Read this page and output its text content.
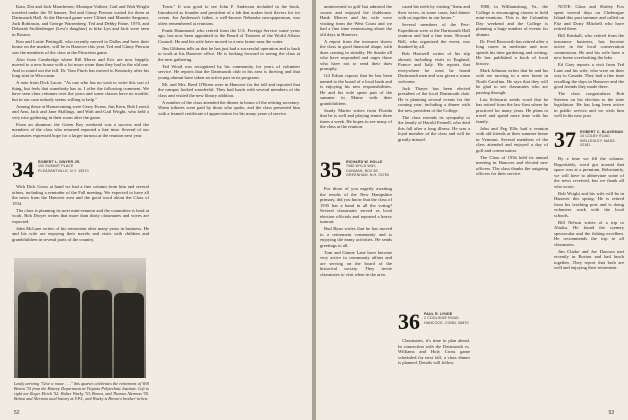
Kato, Dot and Jack Manchester, Monique Valtieri, Gail and Walt Wright traveled under the 55 banner. Ted and Ginny Pierson waited for them at Dartmouth Hall. At the Harvard game were Clifnet and Manette Sargeant, Jack Robinson, and George Warrenberg. Ted and Debby Paine, 1970, and Deborah Stollenberger (Lew's daughter) to hike Lyn and Jack were seen in Boston.

Ken and Lottie Pettingill, who recently moved to Dallas and have their house on the market, will be in Hanover this year. Ted and Ginny Pierson saw the members of the class at the Princeton game.

Also from Cambridge where Bill Morse and Eric are now happily moved to a new house with a lot more room than they had in the old one. And to round out the fall, Dr. Tom Finch has moved to Kentucky after his long stint in Wisconsin.

A note from Dick Lucas: "As one who has no wish to write this sort of thing, but feels that somebody has to, I offer the following comment. We have seen class columns over the years and some classes have no trouble, but in our case nobody seems willing to help."

Among those at Homecoming were Gerry Evans, Jim Kern, Bob Leavitt and Ann, Jack and Jane Skillings, and Walt and Gail Wright, who held a very nice gathering in their room after the game.

From an alumnus: the Green Key weekend was a success and the members of the class who returned reported a fine time. Several of our classmates expressed hope for a larger turnout at the reunion next year.

34	ROBERT L. DWYER JR.
100 SUMMIT PLACE
PLEASANTVILLE, N.Y. 10570

With Dick Gross at hand we had a fine column from him and several others, including a reminder of the Fall meeting. We expected to have all the news from the Hanover area and the good word about the Class of 1934.

The class is planning its next mini-reunion and the committee is hard at work. Bob Dwyer writes that more than thirty classmates and wives are expected.

John McLane writes of his retirement after many years in business. He and his wife are enjoying their travels and visits with children and grandchildren in several parts of the country.

Lastly arriving "Give a rouse . . ." this quartet celebrates the retirement of Will Brown '35 from the History Department at Virginia Polytechnic Institute. Left to right are Roger Elrich '52, Walter Wacky '53, Brown, and Thomas Alerman '55. Bolton and Alerman used history at V.P.I., and Wacky is Brown's brother-in-law.

Town." It was good to see John F. Anderson included in the book, Introduced as founder and president of a lab that makes fruit flavors for ice cream. Joe Anderson's father, a well-known Nebraska newspaperman, was often remembered at reunions.

Frank Hammond, who retired from the U.S. Foreign Service some years ago, has now been appointed to the Board of Trustees of the World Affairs Council. He and his wife have moved to a new home near the water.

Jim Gibbons tells us that he has just had a successful operation and is back to work at his Hanover office. He is looking forward to seeing the class at the next gathering.

Ted Wood was recognized by his community for years of volunteer service. He reports that the Dartmouth club in his area is thriving and that young alumni have taken an active part in its programs.

Mr. and Mrs. Reed O'Brien were in Hanover for the fall and reported that the campus looked wonderful. They had lunch with several members of the class and visited the new library addition.

A number of the class attended the dinner in honor of the retiring secretary. Warm tributes were paid by those who spoke, and the class presented him with a framed certificate of appreciation for his many years of service.

52

uninterested in golf but admired the course and enjoyed the clubhouse. Hank Mercer and his wife were visiting from the West Coast and we had a fine time reminiscing about the old days in Hanover.

A report from the treasurer shows the class in good financial shape, with dues coming in steadily. He thanks all who have responded and urges those who have not to send their dues promptly.

Gil Edson reports that he has been named to the board of a local bank and is enjoying his new responsibilities. He and his wife spent part of the summer in Maine with their grandchildren.

Sandy Martin writes from Florida that he is well and playing tennis three times a week. He hopes to see many of the class at the reunion.

35	RICHARD W. HOLLE
7080 WYLD WAY, DUNMAN, BOX 50
GREENHAM, N.H. 03750

For those of you eagerly awaiting the results of the New Hampshire primary, did you know that the class of 1935 has a hand in all the voting? Several classmates served as local election officials and reported a heavy turnout.

Bud Ryan writes that he has moved to a retirement community and is enjoying the many activities. He sends greetings to all.

Tom and Ginnie Lane have become very active in community affairs and are serving on the board of the historical society. They invite classmates to visit when in the area.

cased his teeth by visiting "them and their wives, in some cases, had dinner with us together in our house."

Several members of the Pets-Expedition were at the Dartmouth Hall reunion and had a fine time. Howard Bell, who organized the event, was thanked by all.

Bob Hartwell writes of his trip abroad, including visits to England, France and Italy. He reports that everywhere he went he found Dartmouth men and was given a warm welcome.

Jack Thayer has been elected president of the local Dartmouth club. He is planning several events for the coming year, including a dinner with the new president of the College.

The class extends its sympathy to the family of Harold Fennell, who died this fall after a long illness. He was a loyal member of the class and will be greatly missed.

36	PAUL R. LYNDE
2 COOLIDGE ROAD
HANCOCK, CONN. 06870

Classmates, it's time to plan ahead. In connection with the Dartmouth vs. Williams and Holy Cross game scheduled for next fall, a class dinner is planned. Details will follow.

1980, in Williamsburg, Va., the College is encouraging classes to hold mini-reunions. This is the Columbia Day weekend and the College is planning a large number of events for alumni.

Dr. Fred Bosworth has retired after a long career in medicine and now spends his time gardening and writing. He has published a book of local history.

Mark Johnson writes that he and his wife are moving to a new home in North Carolina. He says that they will be glad to see classmates who are passing through.

Lou Schwartz sends word that he has retired from the law firm where he practiced for many years. He plans to travel and spend more time with his family.

John and Peg Ellis had a reunion with old friends at their summer home in Vermont. Several members of the class attended and enjoyed a day of golf and conversation.

The Class of 1936 held its annual meeting in Hanover and elected new officers. The class thanks the outgoing officers for their service.

NOTE: Glass and Shirley Fox spent several days on Chebeague Island this past summer and called on Fitz and Dotty Mitchell who have retired there.

Bill Kimball, who retired from the insurance business, has become active in the local conservation commission. He and his wife have a new home overlooking the lake.

Ed Gray reports a visit from Ted Lane and his wife, who were on their way to Canada. They had a fine time recalling the days in Hanover and the good friends they made there.

The class congratulates Bob Stevens on his election to the state legislature. He has long been active in public service and we wish him well in his new post.

37	ROBERT C. BLAKEMAN
10 COLBY ROAD
WELLESLEY, MASS. 02181

By a time we fill the column. Regrettably, word got around that space was at a premium. Reluctantly, we will have to abbreviate some of the news received, but we thank all who wrote.

Bob Wright and his wife will be in Hanover this spring. He is retired from his teaching post and is doing volunteer work with the local schools.

Bill Nelson writes of a trip to Alaska. He found the scenery spectacular and the fishing excellent. He recommends the trip to all classmates.

Jim Clarke and Joe Dawson met recently in Boston and had lunch together. They report that both are well and enjoying their retirement.

53
